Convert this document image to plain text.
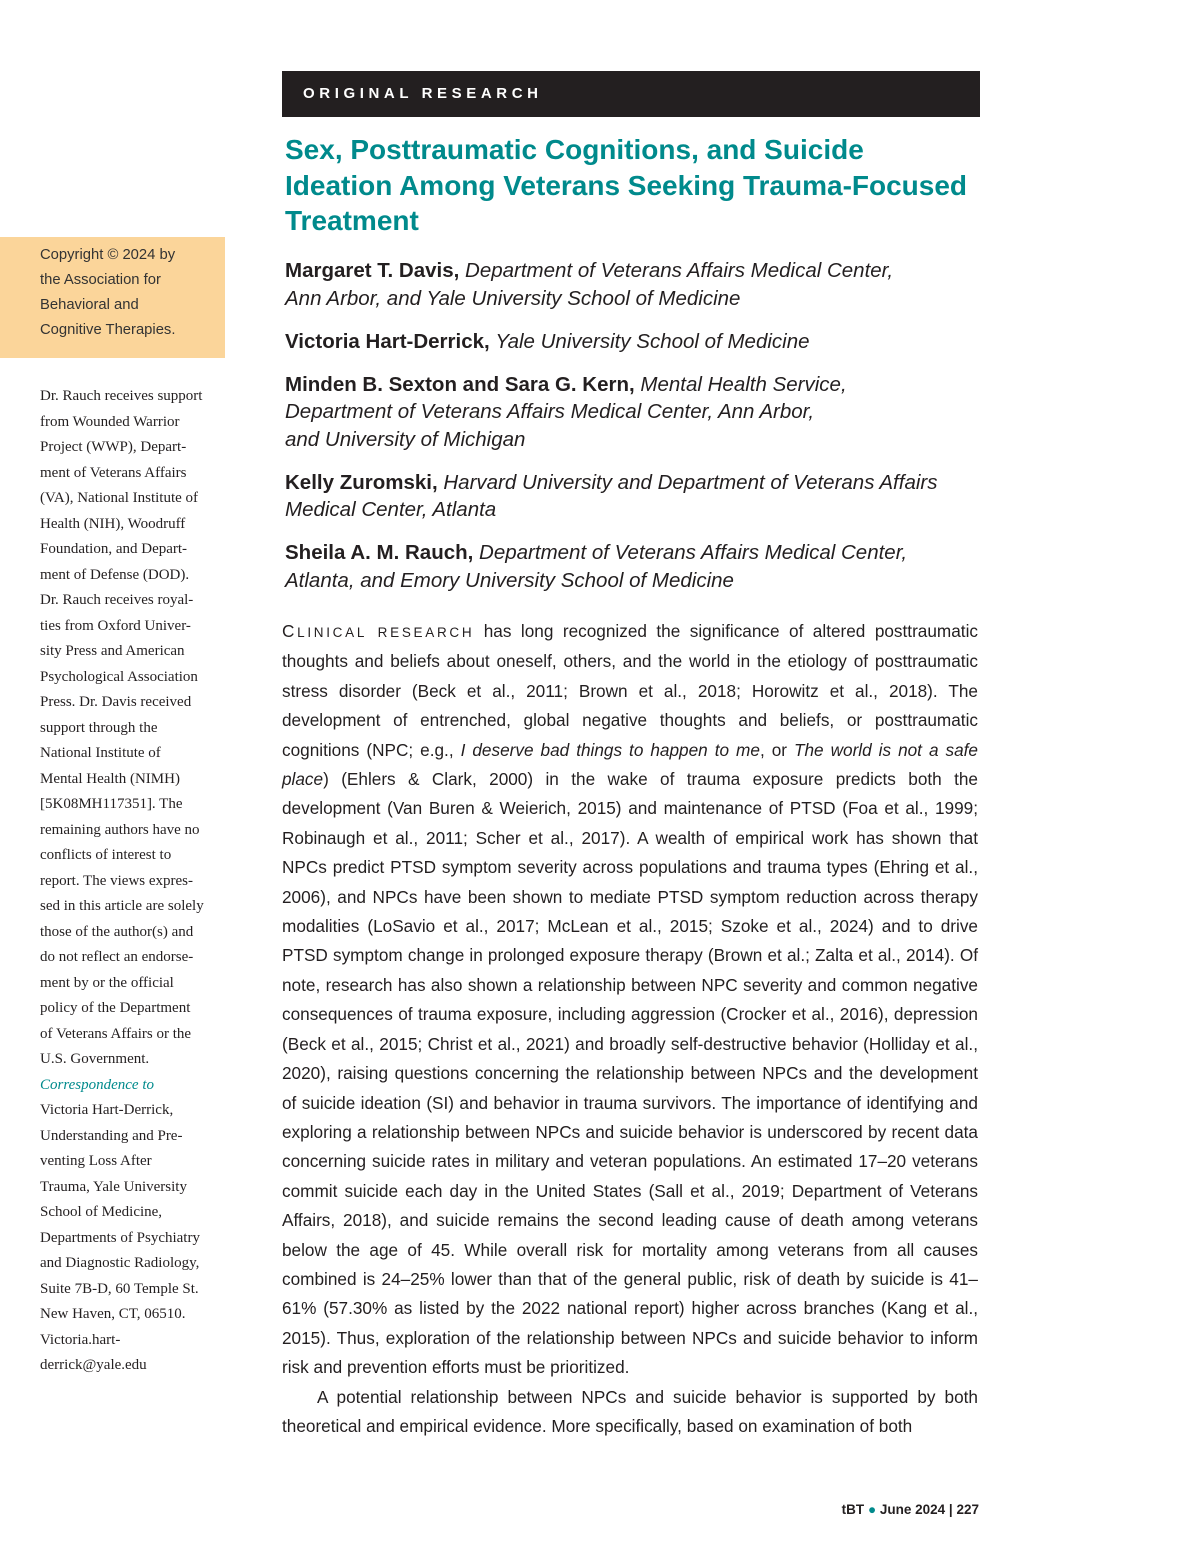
ORIGINAL RESEARCH
Sex, Posttraumatic Cognitions, and Suicide
Ideation Among Veterans Seeking Trauma-Focused
Treatment
Margaret T. Davis, Department of Veterans Affairs Medical Center,
Ann Arbor, and Yale University School of Medicine
Victoria Hart-Derrick, Yale University School of Medicine
Minden B. Sexton and Sara G. Kern, Mental Health Service,
Department of Veterans Affairs Medical Center, Ann Arbor,
and University of Michigan
Kelly Zuromski, Harvard University and Department of Veterans Affairs
Medical Center, Atlanta
Sheila A. M. Rauch, Department of Veterans Affairs Medical Center,
Atlanta, and Emory University School of Medicine
Copyright © 2024 by
the Association for
Behavioral and
Cognitive Therapies.
Dr. Rauch receives support
from Wounded Warrior
Project (WWP), Depart-
ment of Veterans Affairs
(VA), National Institute of
Health (NIH), Woodruff
Foundation, and Depart-
ment of Defense (DOD).
Dr. Rauch receives royal-
ties from Oxford Univer-
sity Press and American
Psychological Association
Press. Dr. Davis received
support through the
National Institute of
Mental Health (NIMH)
[5K08MH117351]. The
remaining authors have no
conflicts of interest to
report. The views expres-
sed in this article are solely
those of the author(s) and
do not reflect an endorse-
ment by or the official
policy of the Department
of Veterans Affairs or the
U.S. Government.
Correspondence to
Victoria Hart-Derrick,
Understanding and Pre-
venting Loss After
Trauma, Yale University
School of Medicine,
Departments of Psychiatry
and Diagnostic Radiology,
Suite 7B-D, 60 Temple St.
New Haven, CT, 06510.
Victoria.hart-
derrick@yale.edu

CLINICAL RESEARCH has long recognized the significance of altered posttraumatic thoughts and beliefs about oneself, others, and the world in the etiology of posttraumatic stress disorder (Beck et al., 2011; Brown et al., 2018; Horowitz et al., 2018). The development of entrenched, global negative thoughts and beliefs, or posttraumatic cognitions (NPC; e.g., I deserve bad things to happen to me, or The world is not a safe place) (Ehlers & Clark, 2000) in the wake of trauma exposure predicts both the development (Van Buren & Weierich, 2015) and maintenance of PTSD (Foa et al., 1999; Robinaugh et al., 2011; Scher et al., 2017). A wealth of empirical work has shown that NPCs predict PTSD symptom severity across populations and trauma types (Ehring et al., 2006), and NPCs have been shown to mediate PTSD symptom reduction across therapy modalities (LoSavio et al., 2017; McLean et al., 2015; Szoke et al., 2024) and to drive PTSD symptom change in prolonged exposure therapy (Brown et al.; Zalta et al., 2014). Of note, research has also shown a relationship between NPC severity and common negative consequences of trauma exposure, including aggression (Crocker et al., 2016), depression (Beck et al., 2015; Christ et al., 2021) and broadly self-destructive behavior (Holliday et al., 2020), raising questions concerning the relationship between NPCs and the development of suicide ideation (SI) and behavior in trauma survivors. The importance of identifying and exploring a relationship between NPCs and suicide behavior is underscored by recent data concerning suicide rates in military and veteran populations. An estimated 17–20 veterans commit suicide each day in the United States (Sall et al., 2019; Department of Veterans Affairs, 2018), and suicide remains the second leading cause of death among veterans below the age of 45. While overall risk for mortality among veterans from all causes combined is 24–25% lower than that of the general public, risk of death by suicide is 41–61% (57.30% as listed by the 2022 national report) higher across branches (Kang et al., 2015). Thus, exploration of the relationship between NPCs and suicide behavior to inform risk and prevention efforts must be prioritized.

A potential relationship between NPCs and suicide behavior is supported by both theoretical and empirical evidence. More specifically, based on examination of both

tBT ● June 2024 | 227
